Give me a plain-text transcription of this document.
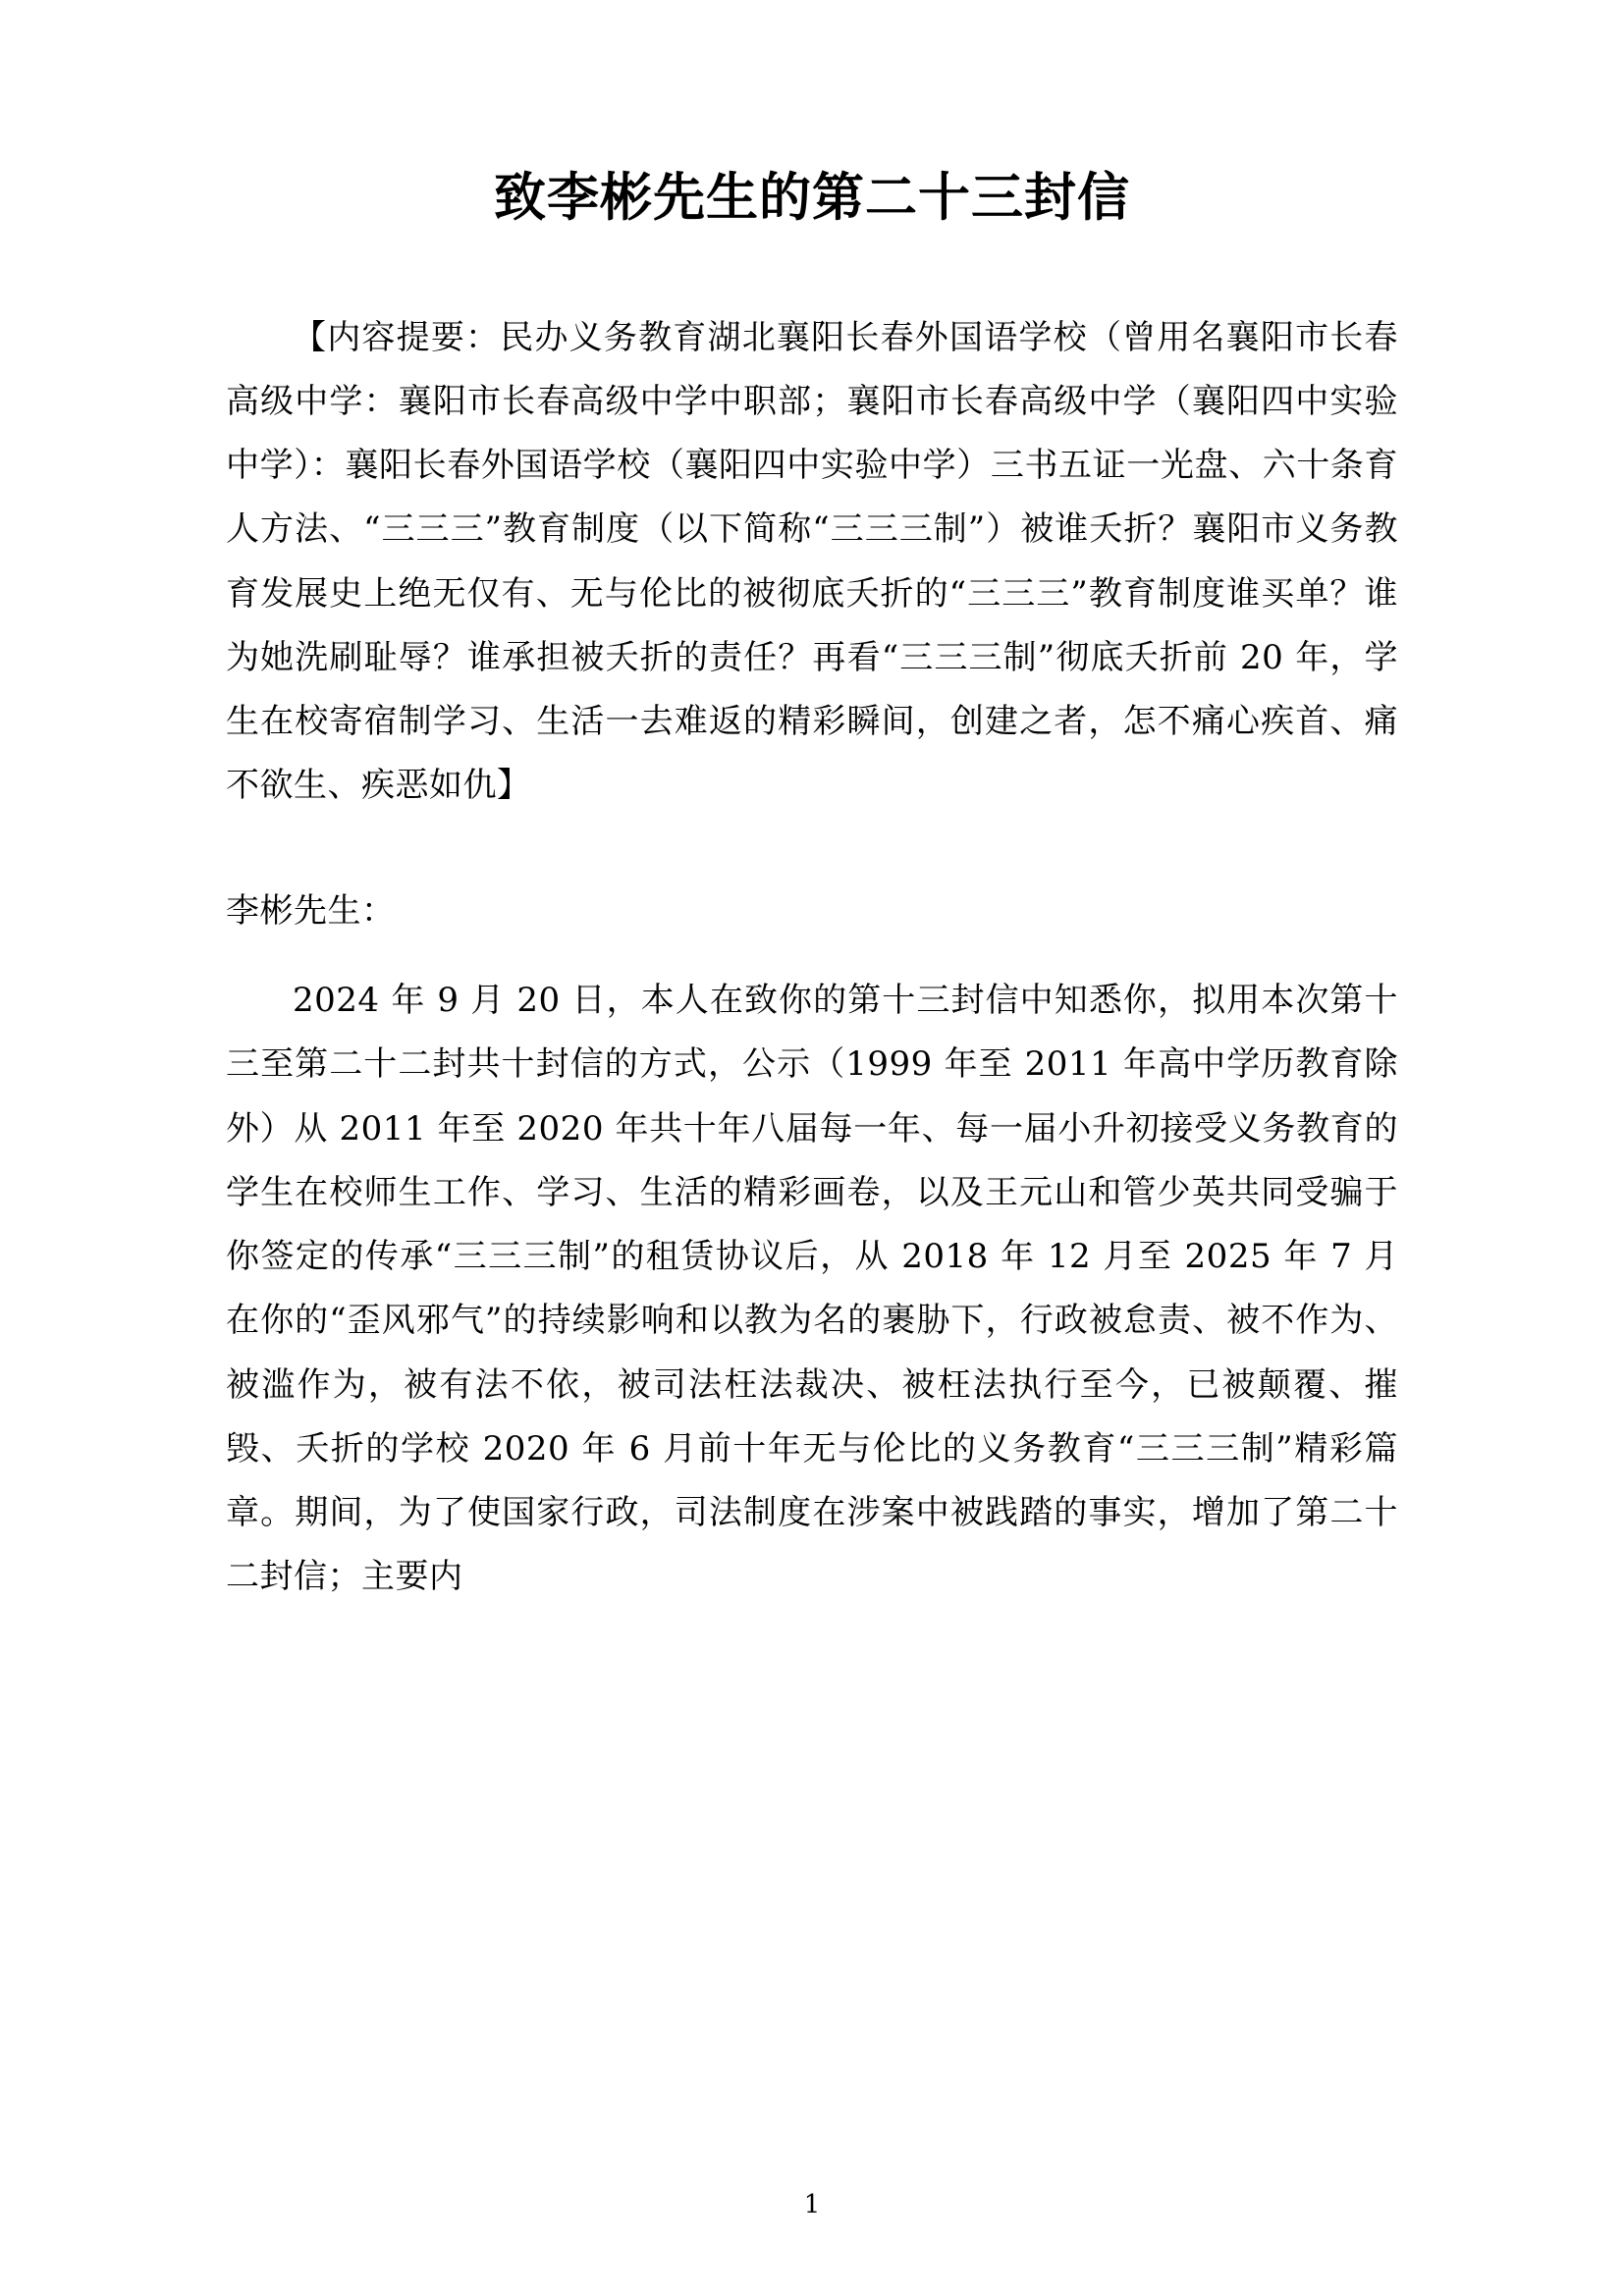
致李彬先生的第二十三封信

【内容提要：民办义务教育湖北襄阳长春外国语学校（曾用名襄阳市长春高级中学：襄阳市长春高级中学中职部；襄阳市长春高级中学（襄阳四中实验中学）：襄阳长春外国语学校（襄阳四中实验中学）三书五证一光盘、六十条育人方法、“三三三”教育制度（以下简称“三三三制”）被谁夭折？襄阳市义务教育发展史上绝无仅有、无与伦比的被彻底夭折的“三三三”教育制度谁买单？谁为她洗刷耻辱？谁承担被夭折的责任？再看“三三三制”彻底夭折前 20 年，学生在校寄宿制学习、生活一去难返的精彩瞬间，创建之者，怎不痛心疾首、痛不欲生、疾恶如仇】

李彬先生：

2024 年 9 月 20 日，本人在致你的第十三封信中知悉你，拟用本次第十三至第二十二封共十封信的方式，公示（1999 年至 2011 年高中学历教育除外）从 2011 年至 2020 年共十年八届每一年、每一届小升初接受义务教育的学生在校师生工作、学习、生活的精彩画卷，以及王元山和管少英共同受骗于你签定的传承“三三三制”的租赁协议后，从 2018 年 12 月至 2025 年 7 月在你的“歪风邪气”的持续影响和以教为名的裹胁下，行政被怠责、被不作为、被滥作为，被有法不依，被司法枉法裁决、被枉法执行至今，已被颠覆、摧毁、夭折的学校 2020 年 6 月前十年无与伦比的义务教育“三三三制”精彩篇章。期间，为了使国家行政，司法制度在涉案中被践踏的事实，增加了第二十二封信；主要内

1
